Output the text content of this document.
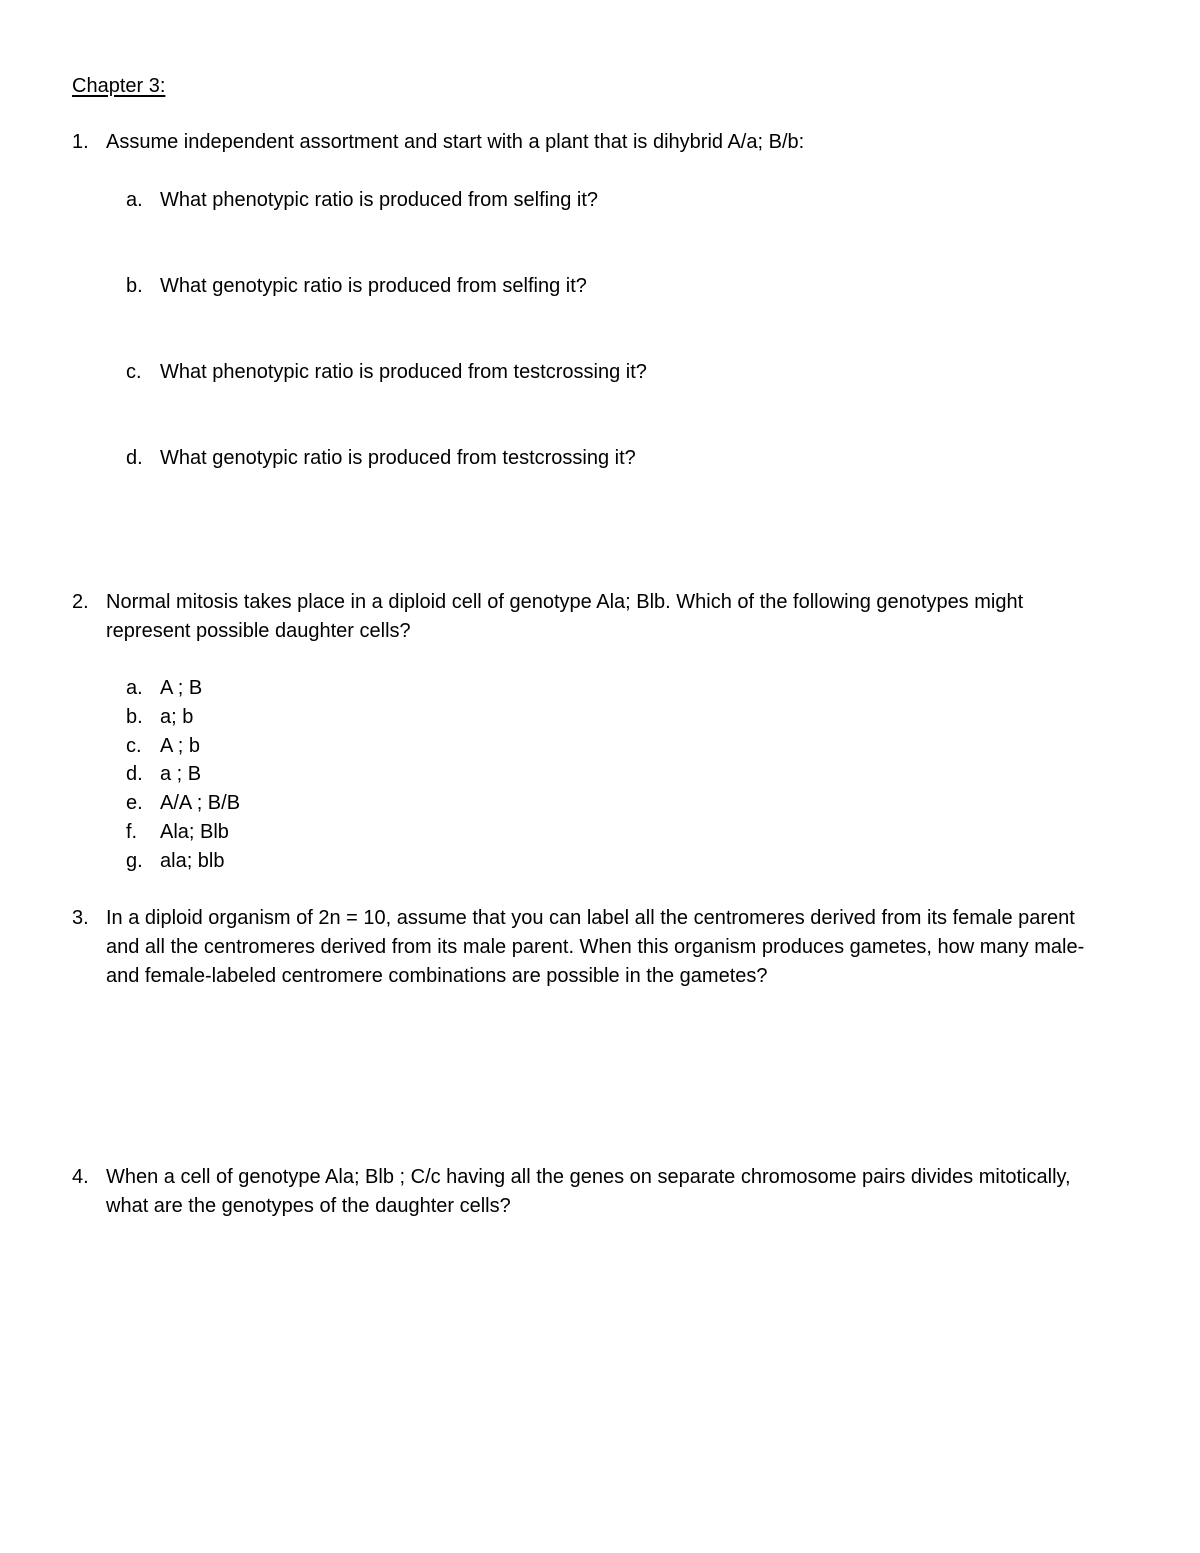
Chapter 3:
1. Assume independent assortment and start with a plant that is dihybrid A/a; B/b:
a. What phenotypic ratio is produced from selfing it?
b. What genotypic ratio is produced from selfing it?
c. What phenotypic ratio is produced from testcrossing it?
d. What genotypic ratio is produced from testcrossing it?
2. Normal mitosis takes place in a diploid cell of genotype Ala; Blb. Which of the following genotypes might represent possible daughter cells?
a. A ; B
b. a; b
c. A ; b
d. a ; B
e. A/A ; B/B
f. Ala; Blb
g. ala; blb
3. In a diploid organism of 2n = 10, assume that you can label all the centromeres derived from its female parent and all the centromeres derived from its male parent. When this organism produces gametes, how many male- and female-labeled centromere combinations are possible in the gametes?
4. When a cell of genotype Ala; Blb ; C/c having all the genes on separate chromosome pairs divides mitotically, what are the genotypes of the daughter cells?
